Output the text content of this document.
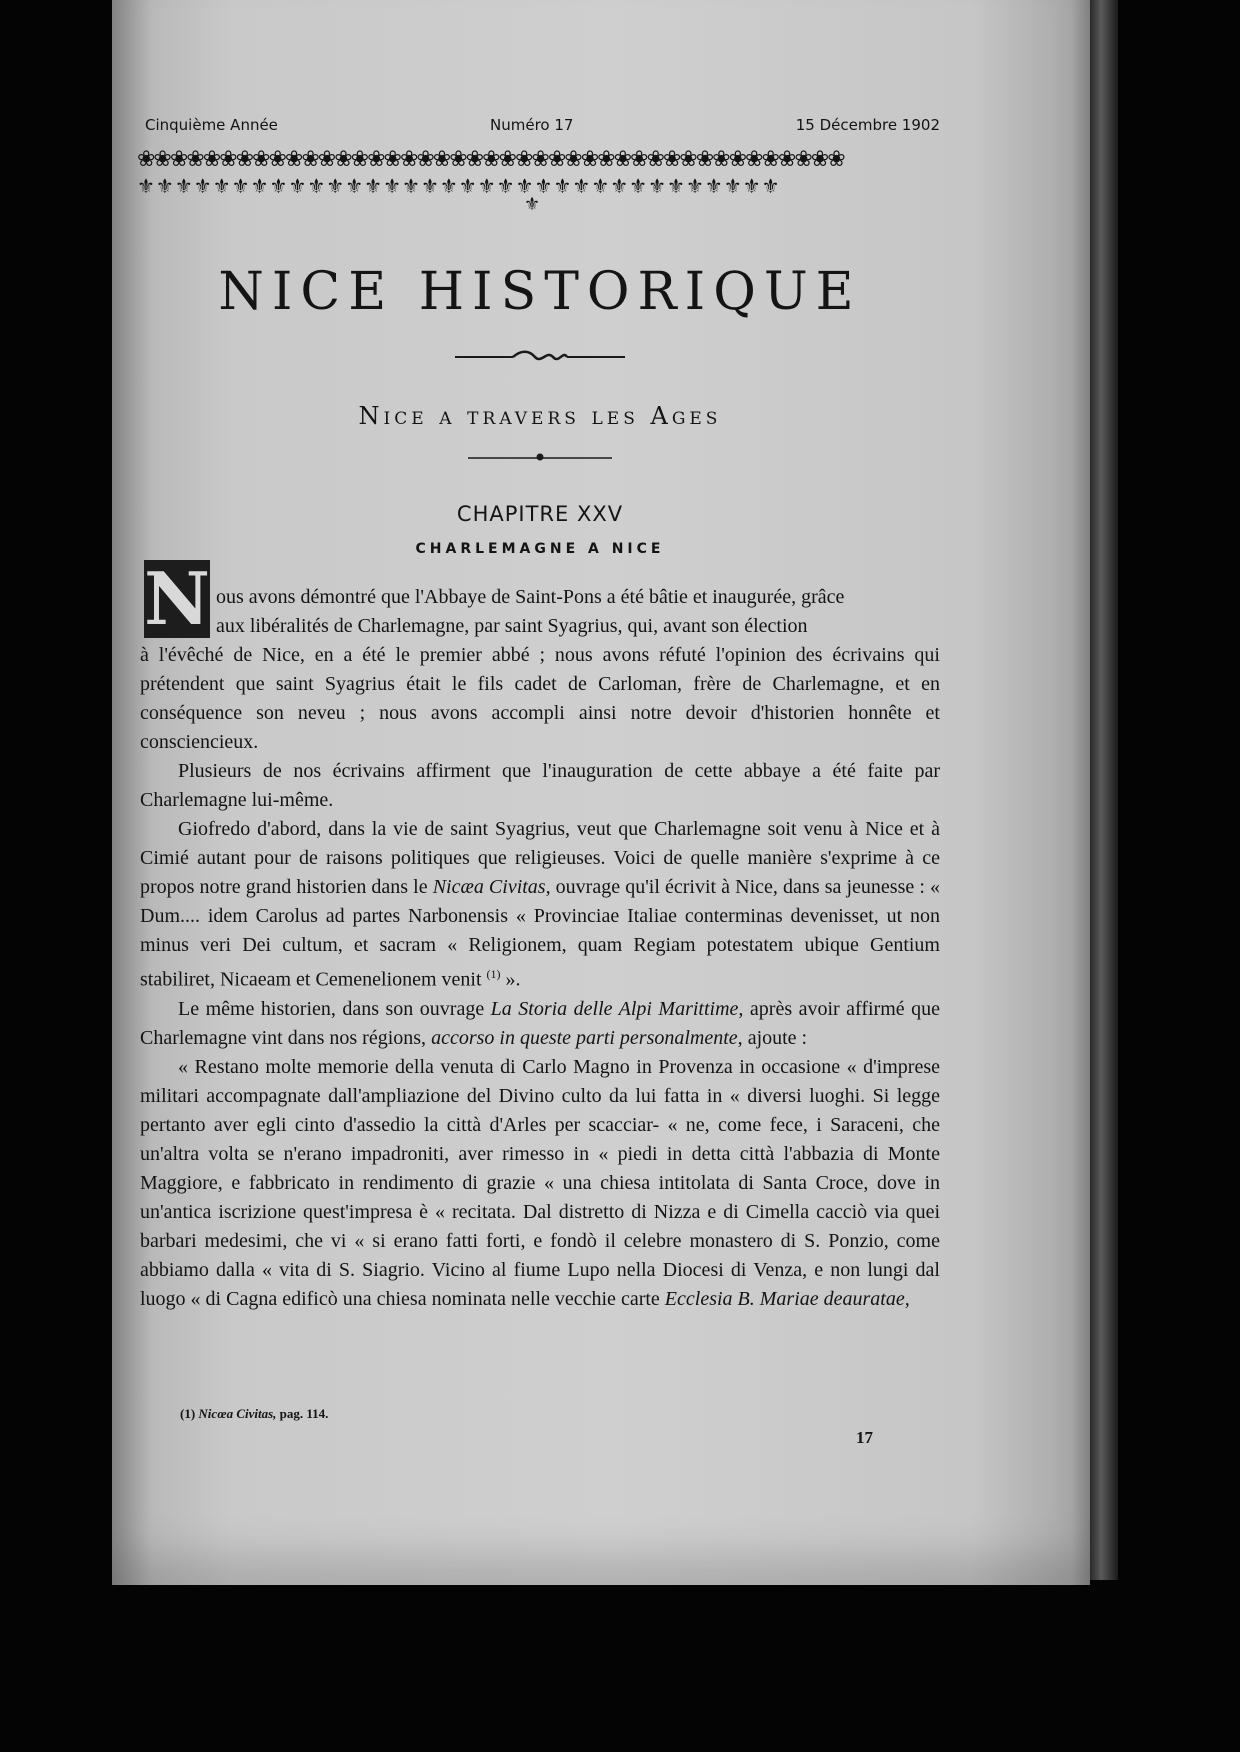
Cinquième Année	Numéro 17	15 Décembre 1902
❀❀❀❀❀❀❀❀❀❀❀❀❀❀❀❀❀❀❀❀❀❀❀❀❀❀❀❀❀❀❀❀❀❀❀❀❀❀❀❀❀❀❀
⚜⚜⚜⚜⚜⚜⚜⚜⚜⚜⚜⚜⚜⚜⚜⚜⚜⚜⚜⚜⚜⚜⚜⚜⚜⚜⚜⚜⚜⚜⚜⚜⚜⚜
⚜
NICE HISTORIQUE
Nice a travers les Ages
CHAPITRE XXV
CHARLEMAGNE A NICE
N ous avons démontré que l'Abbaye de Saint-Pons a été bâtie et inaugurée, grâce

aux libéralités de Charlemagne, par saint Syagrius, qui, avant son élection

à l'évêché de Nice, en a été le premier abbé ; nous avons réfuté l'opinion des écrivains qui prétendent que saint Syagrius était le fils cadet de Carloman, frère de Charlemagne, et en conséquence son neveu ; nous avons accompli ainsi notre devoir d'historien honnête et consciencieux.

Plusieurs de nos écrivains affirment que l'inauguration de cette abbaye a été faite par Charlemagne lui-même.

Giofredo d'abord, dans la vie de saint Syagrius, veut que Charlemagne soit venu à Nice et à Cimié autant pour de raisons politiques que religieuses. Voici de quelle manière s'exprime à ce propos notre grand historien dans le Nicæa Civitas, ouvrage qu'il écrivit à Nice, dans sa jeunesse : « Dum.... idem Carolus ad partes Narbonensis « Provinciae Italiae conterminas devenisset, ut non minus veri Dei cultum, et sacram « Religionem, quam Regiam potestatem ubique Gentium stabiliret, Nicaeam et Cemenelionem venit $^{(1)}$ ».

Le même historien, dans son ouvrage La Storia delle Alpi Marittime, après avoir affirmé que Charlemagne vint dans nos régions, accorso in queste parti personalmente, ajoute :

« Restano molte memorie della venuta di Carlo Magno in Provenza in occasione « d'imprese militari accompagnate dall'ampliazione del Divino culto da lui fatta in « diversi luoghi. Si legge pertanto aver egli cinto d'assedio la città d'Arles per scacciar- « ne, come fece, i Saraceni, che un'altra volta se n'erano impadroniti, aver rimesso in « piedi in detta città l'abbazia di Monte Maggiore, e fabbricato in rendimento di grazie « una chiesa intitolata di Santa Croce, dove in un'antica iscrizione quest'impresa è « recitata. Dal distretto di Nizza e di Cimella cacciò via quei barbari medesimi, che vi « si erano fatti forti, e fondò il celebre monastero di S. Ponzio, come abbiamo dalla « vita di S. Siagrio. Vicino al fiume Lupo nella Diocesi di Venza, e non lungi dal luogo « di Cagna edificò una chiesa nominata nelle vecchie carte Ecclesia B. Mariae deauratae,

(1) Nicœa Civitas, pag. 114.
17
